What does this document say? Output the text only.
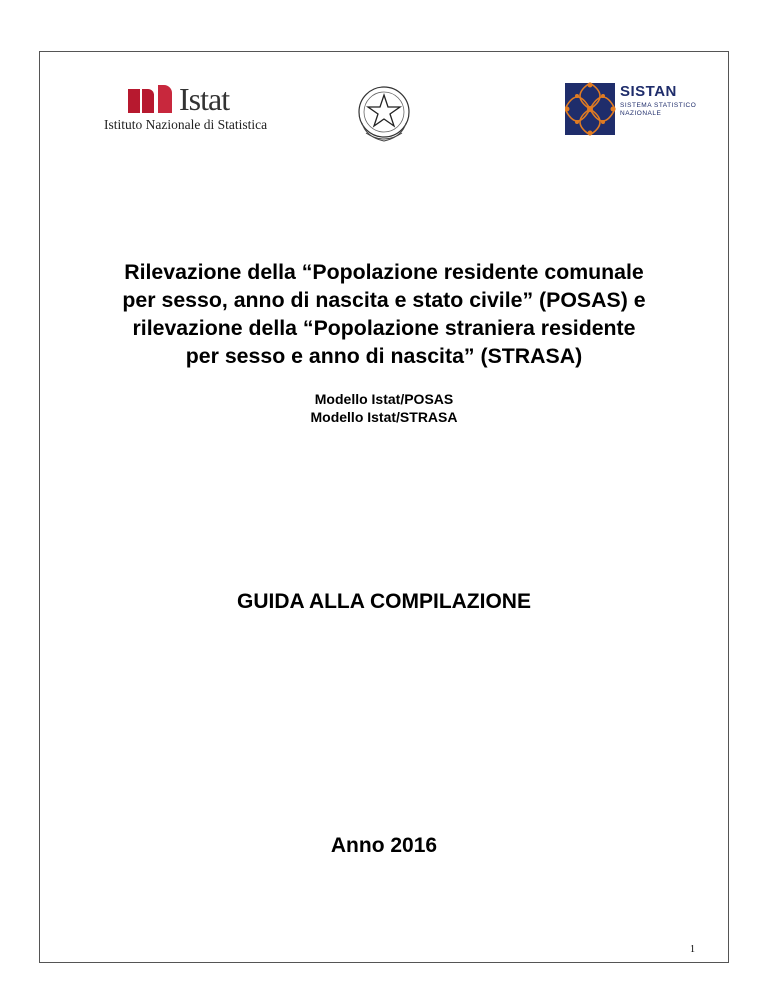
Istat
Istituto Nazionale di Statistica
SISTAN
SISTEMA STATISTICO
NAZIONALE
Rilevazione della “Popolazione residente comunale
per sesso, anno di nascita e stato civile” (POSAS) e
rilevazione della “Popolazione straniera residente
per sesso e anno di nascita” (STRASA)
Modello Istat/POSAS
Modello Istat/STRASA
GUIDA ALLA COMPILAZIONE
Anno 2016
1
